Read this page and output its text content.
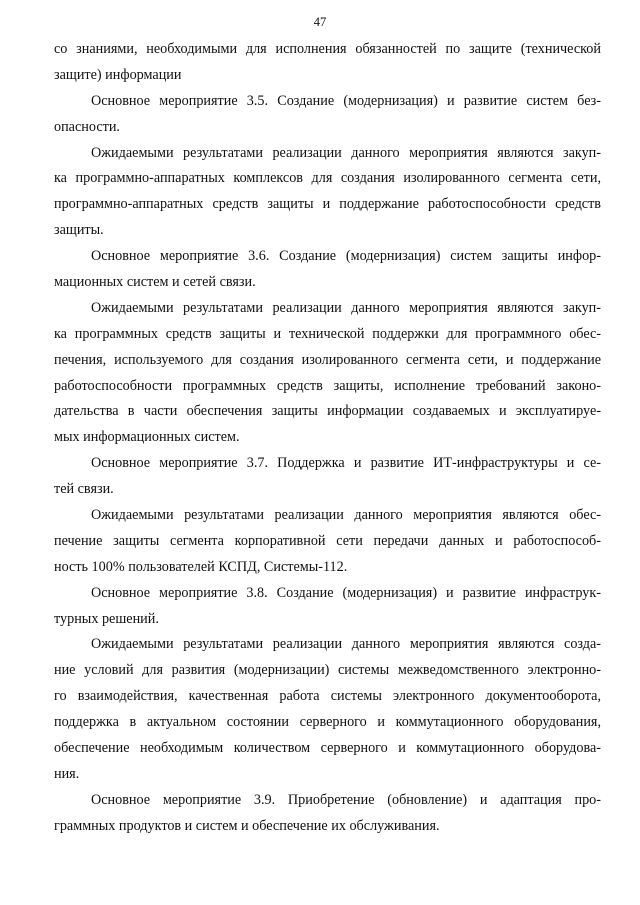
47
со знаниями, необходимыми для исполнения обязанностей по защите (технической
защите) информации
Основное мероприятие 3.5. Создание (модернизация) и развитие систем без-
опасности.
Ожидаемыми результатами реализации данного мероприятия являются закуп-
ка программно-аппаратных комплексов для создания изолированного сегмента сети,
программно-аппаратных средств защиты и поддержание работоспособности средств
защиты.
Основное мероприятие 3.6. Создание (модернизация) систем защиты инфор-
мационных систем и сетей связи.
Ожидаемыми результатами реализации данного мероприятия являются закуп-
ка программных средств защиты и технической поддержки для программного обес-
печения, используемого для создания изолированного сегмента сети, и поддержание
работоспособности программных средств защиты, исполнение требований законо-
дательства в части обеспечения защиты информации создаваемых и эксплуатируе-
мых информационных систем.
Основное мероприятие 3.7. Поддержка и развитие ИТ-инфраструктуры и се-
тей связи.
Ожидаемыми результатами реализации данного мероприятия являются обес-
печение защиты сегмента корпоративной сети передачи данных и работоспособ-
ность 100% пользователей КСПД, Системы-112.
Основное мероприятие 3.8. Создание (модернизация) и развитие инфраструк-
турных решений.
Ожидаемыми результатами реализации данного мероприятия являются созда-
ние условий для развития (модернизации) системы межведомственного электронно-
го взаимодействия, качественная работа системы электронного документооборота,
поддержка в актуальном состоянии серверного и коммутационного оборудования,
обеспечение необходимым количеством серверного и коммутационного оборудова-
ния.
Основное мероприятие 3.9. Приобретение (обновление) и адаптация про-
граммных продуктов и систем и обеспечение их обслуживания.
